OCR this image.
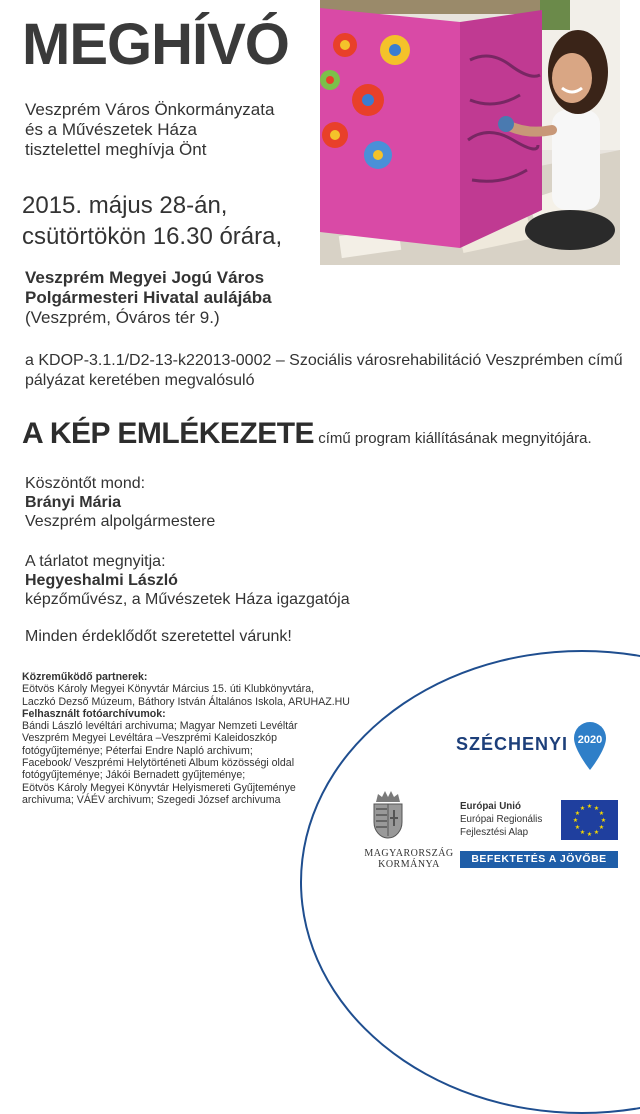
MEGHÍVÓ
Veszprém Város Önkormányzata
és a Művészetek Háza
tisztelettel meghívja Önt
2015. május 28-án,
csütörtökön 16.30 órára,
Veszprém Megyei Jogú Város
Polgármesteri Hivatal aulájába
(Veszprém, Óváros tér 9.)
a KDOP-3.1.1/D2-13-k22013-0002 – Szociális városrehabilitáció Veszprémben című pályázat keretében megvalósuló
A KÉP EMLÉKEZETE című program kiállításának megnyitójára.
Köszöntőt mond:
Brányi Mária
Veszprém alpolgármestere
A tárlatot megnyitja:
Hegyeshalmi László
képzőművész, a Művészetek Háza igazgatója
Minden érdeklődőt szeretettel várunk!
Közreműködő partnerek:
Eötvös Károly Megyei Könyvtár Március 15. úti Klubkönyvtára,
Laczkó Dezső Múzeum, Báthory István Általános Iskola, ARUHAZ.HU
Felhasznált fotóarchívumok:
Bándi László levéltári archivuma; Magyar Nemzeti Levéltár
Veszprém Megyei Levéltára –Veszprémi Kaleidoszkóp
fotógyűjteménye; Péterfai Endre Napló archivum;
Facebook/ Veszprémi Helytörténeti Album közösségi oldal
fotógyűjteménye; Jákói Bernadett gyűjteménye;
Eötvös Károly Megyei Könyvtár Helyismereti Gyűjteménye
archivuma; VÁÉV archivum; Szegedi József archivuma
SZÉCHENYI 2020
MAGYARORSZÁG
KORMÁNYA
Európai Unió
Európai Regionális
Fejlesztési Alap
★ ★
★
★
★
★
★
★
★
★
★
★
BEFEKTETÉS A JÖVŐBE
